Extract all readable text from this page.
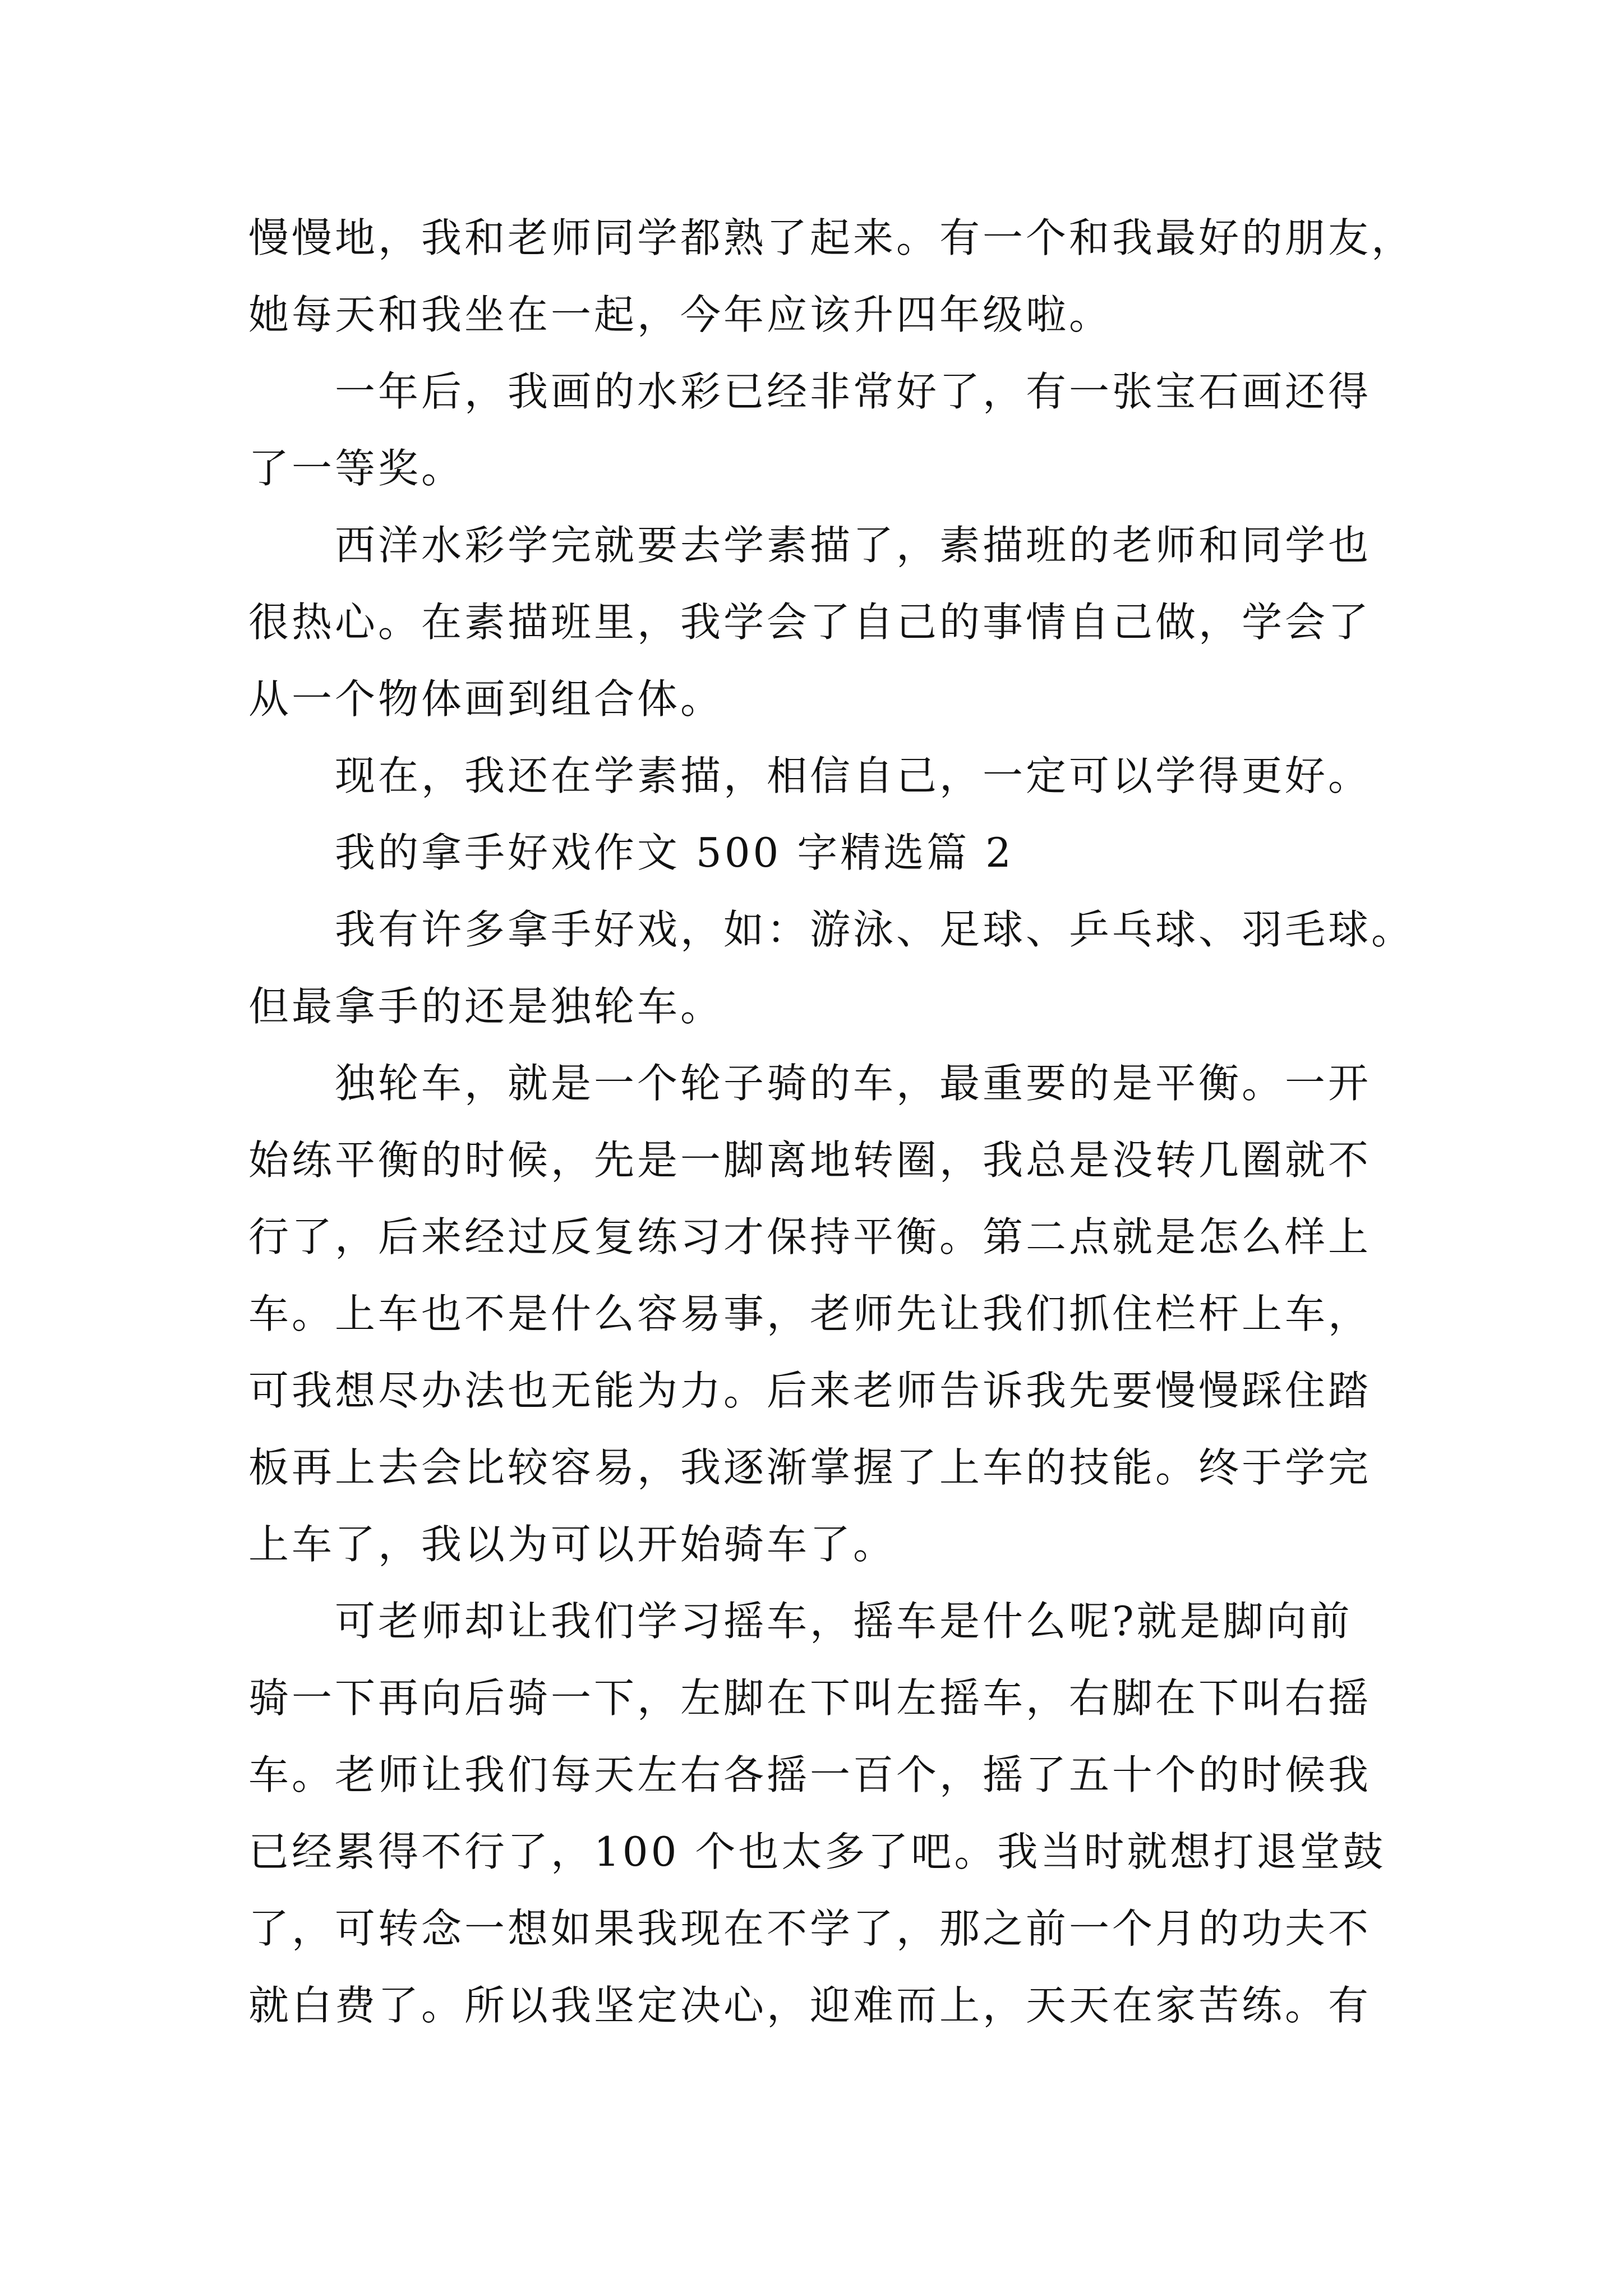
慢慢地，我和老师同学都熟了起来。有一个和我最好的朋友，
她每天和我坐在一起，今年应该升四年级啦。
一年后，我画的水彩已经非常好了，有一张宝石画还得
了一等奖。
西洋水彩学完就要去学素描了，素描班的老师和同学也
很热心。在素描班里，我学会了自己的事情自己做，学会了
从一个物体画到组合体。
现在，我还在学素描，相信自己，一定可以学得更好。
我的拿手好戏作文 500 字精选篇 2
我有许多拿手好戏，如：游泳、足球、乒乓球、羽毛球。
但最拿手的还是独轮车。
独轮车，就是一个轮子骑的车，最重要的是平衡。一开
始练平衡的时候，先是一脚离地转圈，我总是没转几圈就不
行了，后来经过反复练习才保持平衡。第二点就是怎么样上
车。上车也不是什么容易事，老师先让我们抓住栏杆上车，
可我想尽办法也无能为力。后来老师告诉我先要慢慢踩住踏
板再上去会比较容易，我逐渐掌握了上车的技能。终于学完
上车了，我以为可以开始骑车了。
可老师却让我们学习摇车，摇车是什么呢?就是脚向前
骑一下再向后骑一下，左脚在下叫左摇车，右脚在下叫右摇
车。老师让我们每天左右各摇一百个，摇了五十个的时候我
已经累得不行了，100 个也太多了吧。我当时就想打退堂鼓
了，可转念一想如果我现在不学了，那之前一个月的功夫不
就白费了。所以我坚定决心，迎难而上，天天在家苦练。有
